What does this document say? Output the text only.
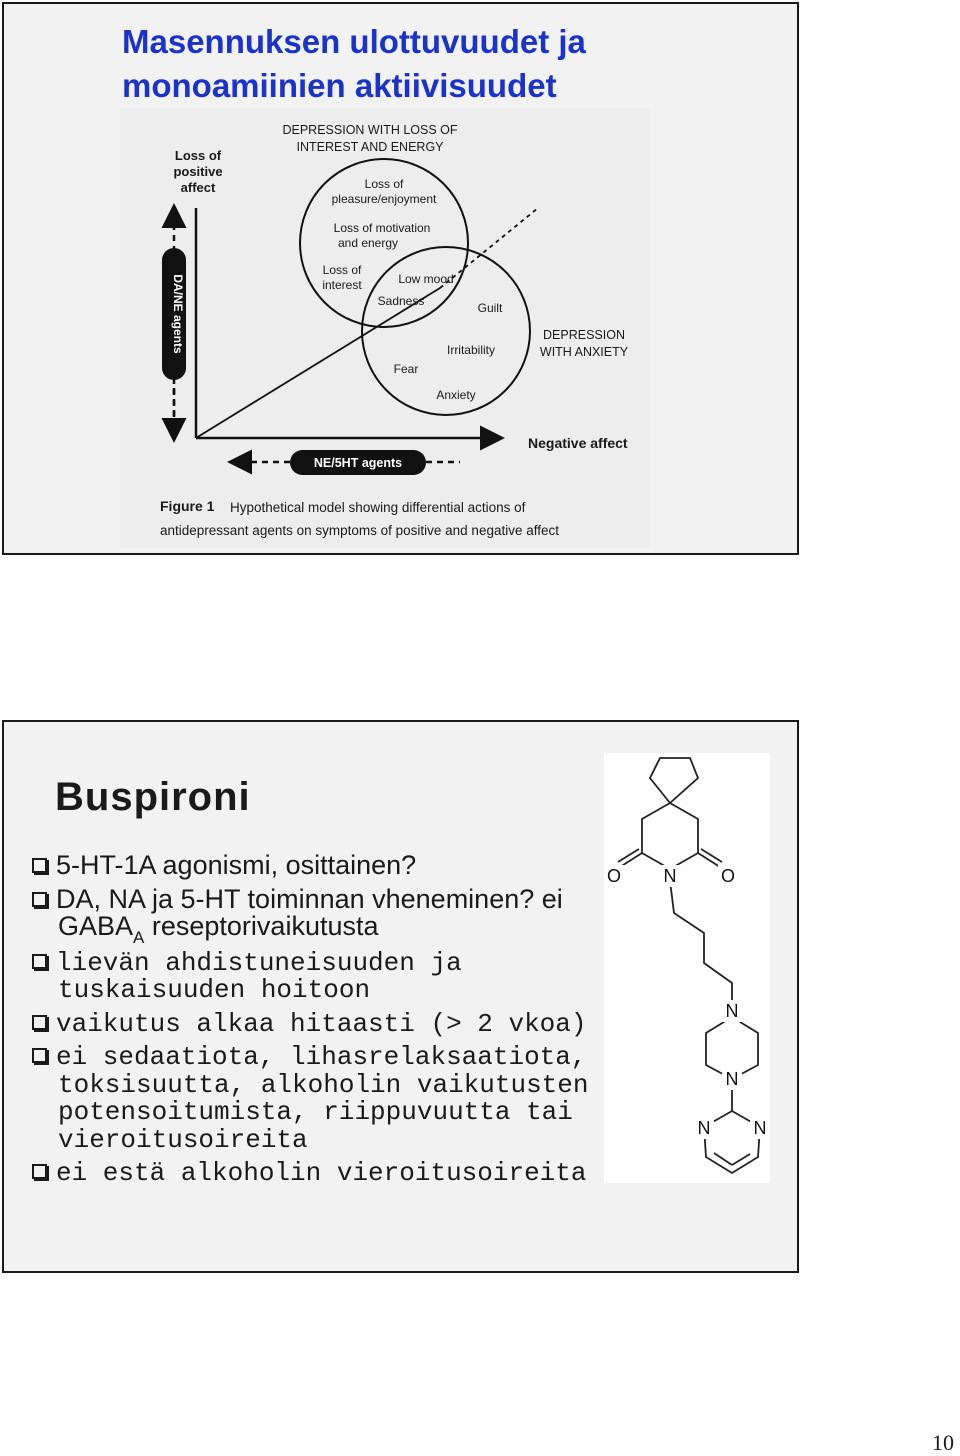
Masennuksen ulottuvuudet ja
monoamiinien aktiivisuudet
DEPRESSION WITH LOSS OF
INTEREST AND ENERGY
Loss of
positive
affect
DA/NE agents
Negative affect
NE/5HT agents
Loss of
pleasure/enjoyment
Loss of motivation
and energy
Loss of
interest	Low mood
Sadness	Guilt
Irritability
Fear
Anxiety
DEPRESSION
WITH ANXIETY
Figure 1 Hypothetical model showing differential actions of
antidepressant agents on symptoms of positive and negative affect
Buspironi
5-HT-1A agonismi, osittainen?
DA, NA ja 5-HT toiminnan vheneminen? ei $GABA_A$ reseptorivaikutusta
lievän ahdistuneisuuden ja tuskaisuuden hoitoon
vaikutus alkaa hitaasti (> 2 vkoa)
ei sedaatiota, lihasrelaksaatiota, toksisuutta, alkoholin vaikutusten potensoitumista, riippuvuutta tai vieroitusoireita
ei estä alkoholin vieroitusoireita
O N O
N
N
N N
10
